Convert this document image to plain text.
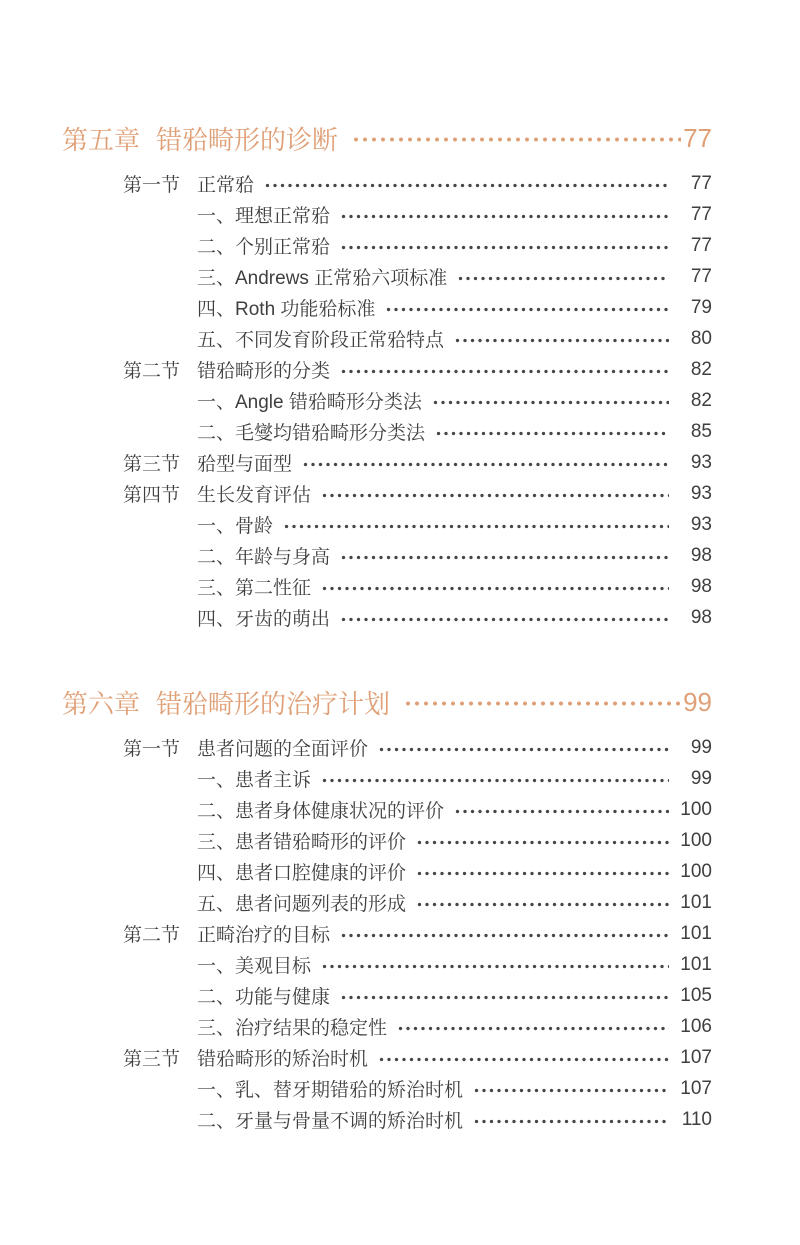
第五章 错𬌗畸形的诊断	77
第一节 正常𬌗	77
一、理想正常𬌗	77
二、个别正常𬌗	77
三、Andrews 正常𬌗六项标准	77
四、Roth 功能𬌗标准	79
五、不同发育阶段正常𬌗特点	80
第二节 错𬌗畸形的分类	82
一、Angle 错𬌗畸形分类法	82
二、毛燮均错𬌗畸形分类法	85
第三节 𬌗型与面型	93
第四节 生长发育评估	93
一、骨龄	93
二、年龄与身高	98
三、第二性征	98
四、牙齿的萌出	98
第六章 错𬌗畸形的治疗计划	99
第一节 患者问题的全面评价	99
一、患者主诉	99
二、患者身体健康状况的评价	100
三、患者错𬌗畸形的评价	100
四、患者口腔健康的评价	100
五、患者问题列表的形成	101
第二节 正畸治疗的目标	101
一、美观目标	101
二、功能与健康	105
三、治疗结果的稳定性	106
第三节 错𬌗畸形的矫治时机	107
一、乳、替牙期错𬌗的矫治时机	107
二、牙量与骨量不调的矫治时机	110
